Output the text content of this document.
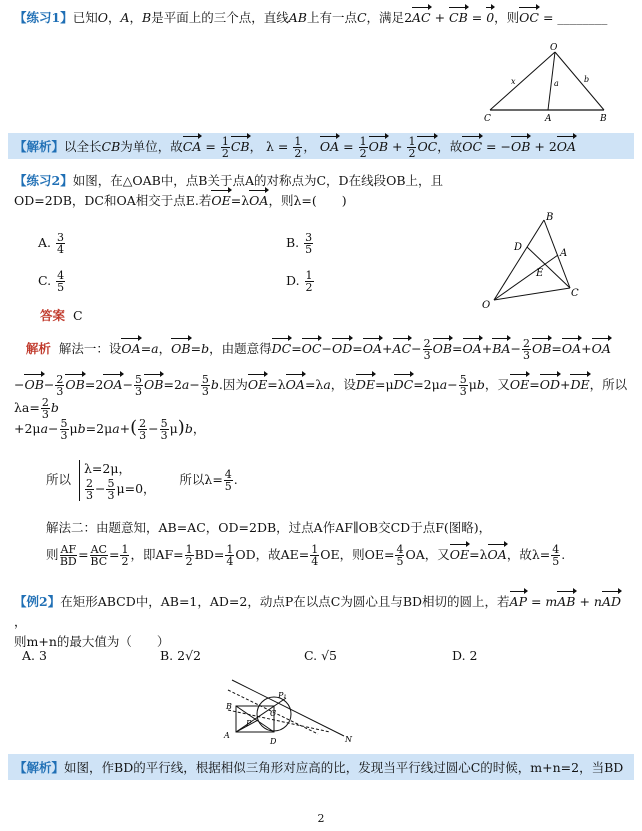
【练习1】已知O，A，B是平面上的三个点，直线AB上有一点C，满足2AC + CB = 0，则OC = ________
O
C	A	B
x	a	b
【解析】以全长CB为单位，故CA = $\frac{1}{2}$ CB， $\lambda = \frac{1}{2}$ ， OA = $\frac{1}{2}$ OB + $\frac{1}{2}$ OC，故OC = −OB + 2OA
【练习2】如图，在△OAB中，点B关于点A的对称点为C，D在线段OB上，且OD=2DB，DC和OA相交于点E.若OE=λOA，则λ=(　　)
A. $\frac{3}{4}$	B. $\frac{3}{5}$
C. $\frac{4}{5}$	D. $\frac{1}{2}$
B
D
A
E
O
C
答案 C
解析 解法一：设OA=a，OB=b，由题意得$DC=OC-OD=OA+AC- \frac{2}{3} OB=OA+BA- \frac{2}{3} OB=OA+OA$
$-OB- \frac{2}{3} OB=2OA- \frac{5}{3} OB=2a- \frac{5}{3} b$.因为OE=λOA=λa，设$DE=\mu DC=2\mu a- \frac{5}{3}$ μb，又OE=OD+DE，所以$\lambda a= \frac{2}{3}$ b
$+2\mu a- \frac{5}{3} \mu b=2\mu a+( \frac{2}{3} - \frac{5}{3} \mu)b$，
所以 λ=2μ，

$\frac{2}{3} - \frac{5}{3} \mu=0$，      所以$\lambda= \frac{4}{5}$ .
解法二：由题意知，AB=AC，OD=2DB，过点A作AF∥OB交CD于点F(图略)，
则 $\frac{AF}{BD} = \frac{AC}{BC} = \frac{1}{2}$ ，即$AF= \frac{1}{2} BD= \frac{1}{4}$ OD，故$AE= \frac{1}{4}$ OE，则$OE= \frac{4}{5}$ OA，又OE=λOA，故$\lambda= \frac{4}{5}$ .
【例2】在矩形ABCD中，AB=1，AD=2，动点P在以点C为圆心且与BD相切的圆上，若AP = mAB + nAD，
则m+n的最大值为（　　）
A. 3	B. 2√2	C. √5	D. 2
P₁
B
C
A
D
P
N
【解析】如图，作BD的平行线，根据相似三角形对应高的比，发现当平行线过圆心C的时候，m+n=2，当BD
2
